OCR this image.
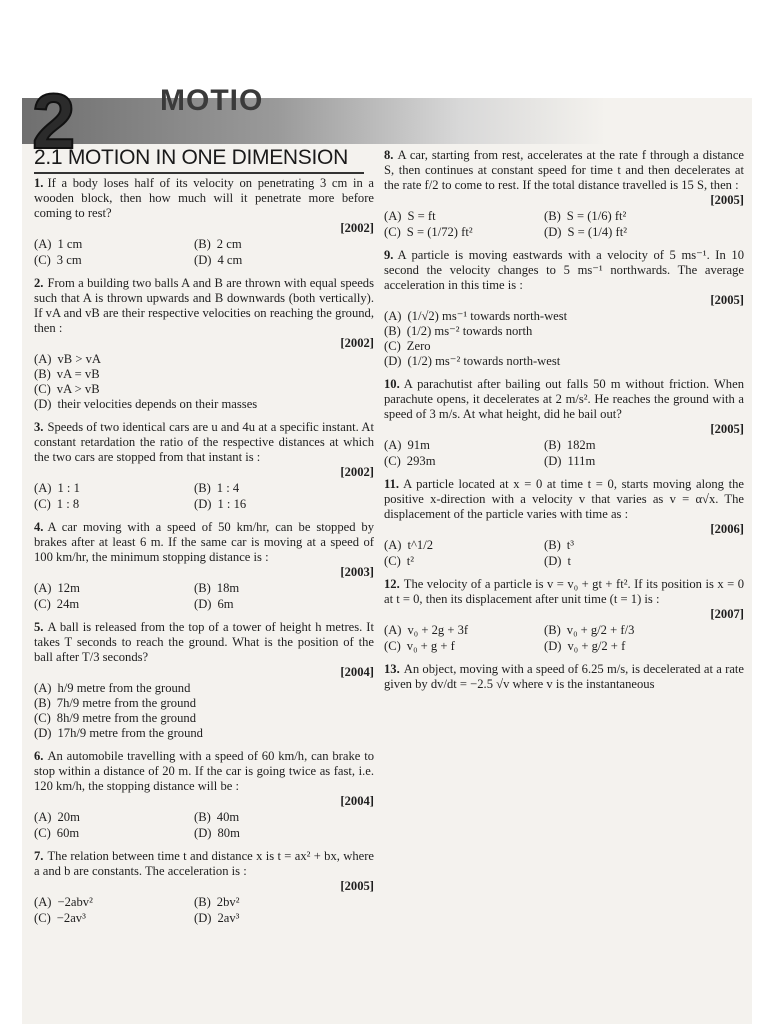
2	MOTIO
2.1 MOTION IN ONE DIMENSION
1. If a body loses half of its velocity on penetrating 3 cm in a wooden block, then how much will it penetrate more before coming to rest?
[2002]
(A) 1 cm	(B) 2 cm
(C) 3 cm	(D) 4 cm
2. From a building two balls A and B are thrown with equal speeds such that A is thrown upwards and B downwards (both vertically). If vA and vB are their respective velocities on reaching the ground, then :
[2002]
(A) vB > vA
(B) vA = vB
(C) vA > vB
(D) their velocities depends on their masses
3. Speeds of two identical cars are u and 4u at a specific instant. At constant retardation the ratio of the respective distances at which the two cars are stopped from that instant is :
[2002]
(A) 1 : 1	(B) 1 : 4
(C) 1 : 8	(D) 1 : 16
4. A car moving with a speed of 50 km/hr, can be stopped by brakes after at least 6 m. If the same car is moving at a speed of 100 km/hr, the minimum stopping distance is :
[2003]
(A) 12m	(B) 18m
(C) 24m	(D) 6m
5. A ball is released from the top of a tower of height h metres. It takes T seconds to reach the ground. What is the position of the ball after T/3 seconds?
[2004]
(A) h/9 metre from the ground
(B) 7h/9 metre from the ground
(C) 8h/9 metre from the ground
(D) 17h/9 metre from the ground
6. An automobile travelling with a speed of 60 km/h, can brake to stop within a distance of 20 m. If the car is going twice as fast, i.e. 120 km/h, the stopping distance will be :
[2004]
(A) 20m	(B) 40m
(C) 60m	(D) 80m
7. The relation between time t and distance x is t = ax² + bx, where a and b are constants. The acceleration is :
[2005]
(A) −2abv²	(B) 2bv²
(C) −2av³	(D) 2av³
8. A car, starting from rest, accelerates at the rate f through a distance S, then continues at constant speed for time t and then decelerates at the rate f/2 to come to rest. If the total distance travelled is 15 S, then :
[2005]
(A) S = ft	(B) S = (1/6) ft²
(C) S = (1/72) ft²	(D) S = (1/4) ft²
9. A particle is moving eastwards with a velocity of 5 ms⁻¹. In 10 second the velocity changes to 5 ms⁻¹ northwards. The average acceleration in this time is :
[2005]
(A) (1/√2) ms⁻¹ towards north-west
(B) (1/2) ms⁻² towards north
(C) Zero
(D) (1/2) ms⁻² towards north-west
10. A parachutist after bailing out falls 50 m without friction. When parachute opens, it decelerates at 2 m/s². He reaches the ground with a speed of 3 m/s. At what height, did he bail out?
[2005]
(A) 91m	(B) 182m
(C) 293m	(D) 111m
11. A particle located at x = 0 at time t = 0, starts moving along the positive x-direction with a velocity v that varies as v = α√x. The displacement of the particle varies with time as :
[2006]
(A) t^1/2	(B) t³
(C) t²	(D) t
12. The velocity of a particle is v = v₀ + gt + ft². If its position is x = 0 at t = 0, then its displacement after unit time (t = 1) is :
[2007]
(A) v₀ + 2g + 3f	(B) v₀ + g/2 + f/3
(C) v₀ + g + f	(D) v₀ + g/2 + f
13. An object, moving with a speed of 6.25 m/s, is decelerated at a rate given by dv/dt = −2.5 √v where v is the instantaneous
